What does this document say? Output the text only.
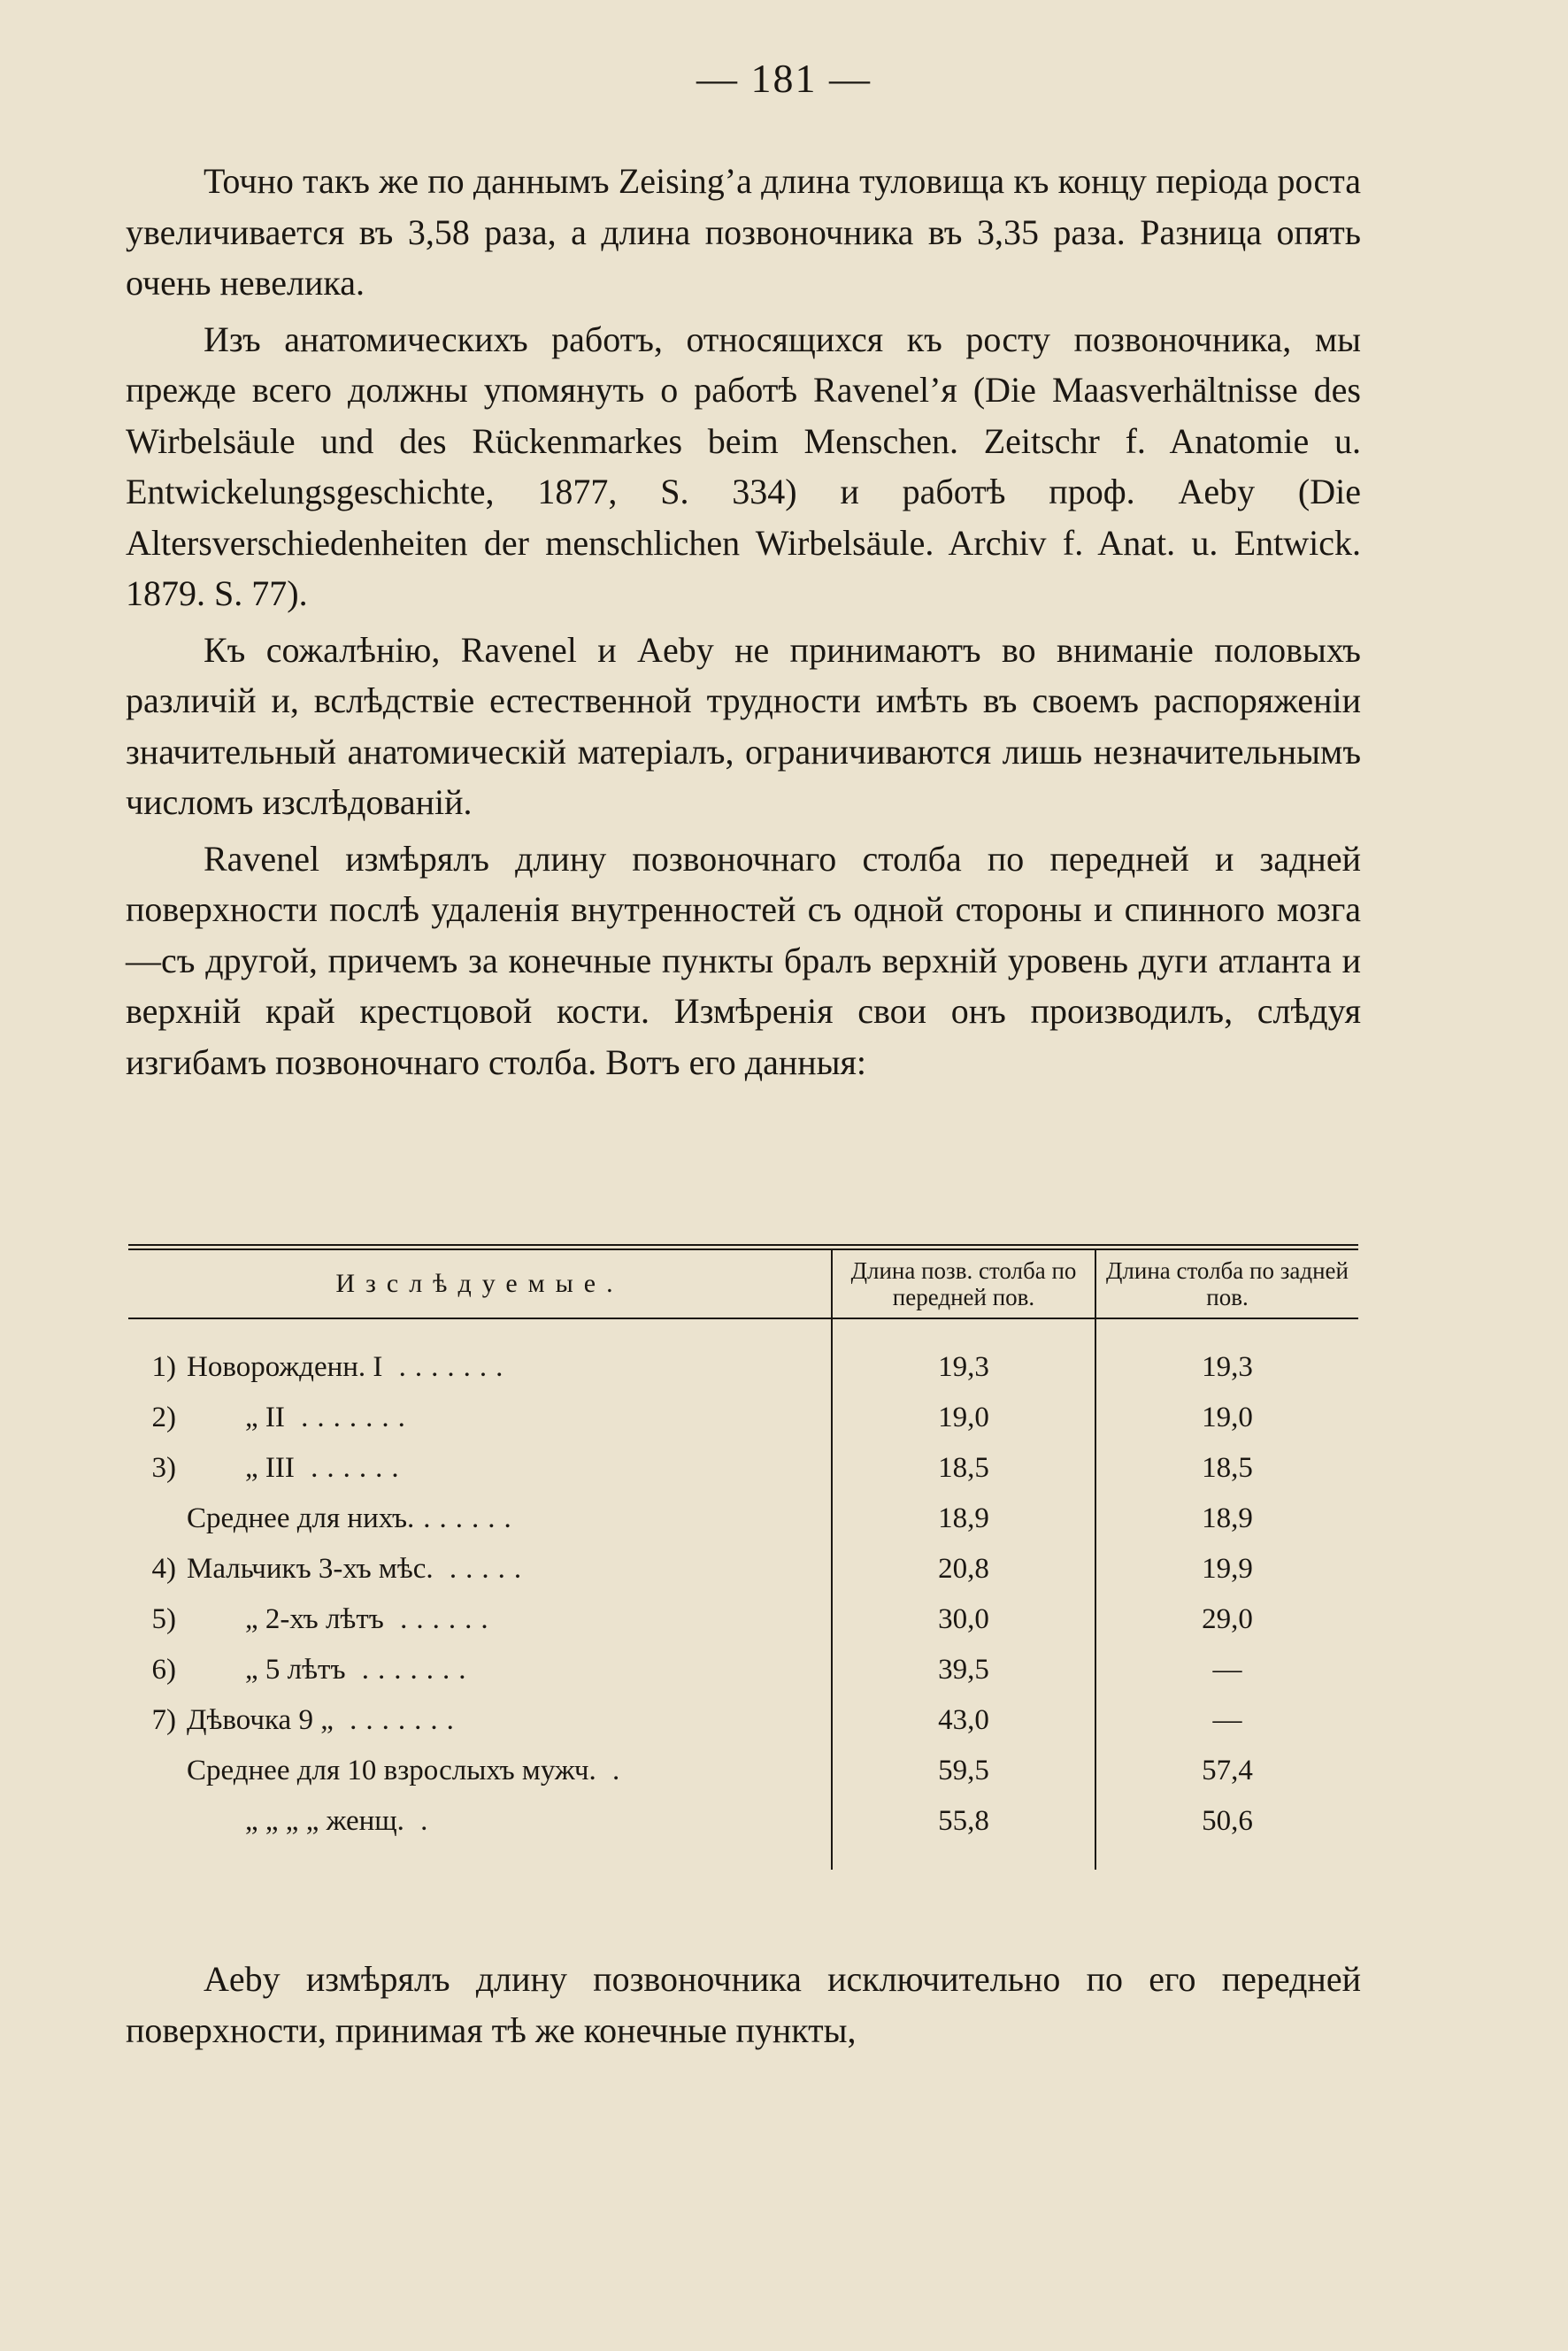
— 181 —

Точно такъ же по даннымъ Zeising’а длина туловища къ концу періода роста увеличивается въ 3,58 раза, а длина позвоночника въ 3,35 раза. Разница опять очень невелика.

Изъ анатомическихъ работъ, относящихся къ росту позвоночника, мы прежде всего должны упомянуть о работѣ Ravenel’я (Die Maasverhältnisse des Wirbelsäule und des Rückenmarkes beim Menschen. Zeitschr f. Anatomie u. Entwickelungsgeschichte, 1877, S. 334) и работѣ проф. Aeby (Die Altersverschiedenheiten der menschlichen Wirbelsäule. Archiv f. Anat. u. Entwick. 1879. S. 77).

Къ сожалѣнію, Ravenel и Aeby не принимаютъ во вниманіе половыхъ различій и, вслѣдствіе естественной трудности имѣть въ своемъ распоряженіи значительный анатомическій матеріалъ, ограничиваются лишь незначительнымъ числомъ изслѣдованій.

Ravenel измѣрялъ длину позвоночнаго столба по передней и задней поверхности послѣ удаленія внутренностей съ одной стороны и спинного мозга—съ другой, причемъ за конечные пункты бралъ верхній уровень дуги атланта и верхній край крестцовой кости. Измѣренія свои онъ производилъ, слѣдуя изгибамъ позвоночнаго столба. Вотъ его данныя:

Изслѣдуемые.	Длина позв. столба по передней пов.	Длина столба по задней пов.

1) Новорожденн. I .......	19,3	19,3
2) „ II .......	19,0	19,0
3) „ III ......	18,5	18,5
Среднее для нихъ.......	18,9	18,9
4) Мальчикъ 3-хъ мѣс. .....	20,8	19,9
5) „ 2-хъ лѣтъ ......	30,0	29,0
6) „ 5 лѣтъ .......	39,5	—
7) Дѣвочка 9 „ .......	43,0	—
Среднее для 10 взрослыхъ мужч. .	59,5	57,4
„ „ „ „ женщ. .	55,8	50,6

Aeby измѣрялъ длину позвоночника исключительно по его передней поверхности, принимая тѣ же конечные пункты,
